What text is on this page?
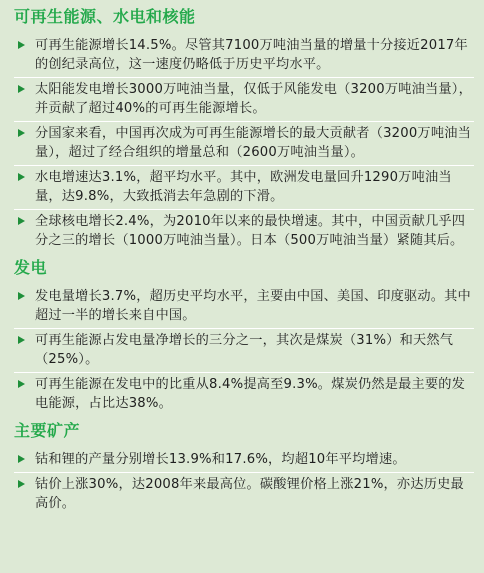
可再生能源、水电和核能
可再生能源增长14.5%。尽管其7100万吨油当量的增量十分接近2017年的创纪录高位，这一速度仍略低于历史平均水平。
太阳能发电增长3000万吨油当量，仅低于风能发电（3200万吨油当量），并贡献了超过40%的可再生能源增长。
分国家来看，中国再次成为可再生能源增长的最大贡献者（3200万吨油当量），超过了经合组织的增量总和（2600万吨油当量）。
水电增速达3.1%，超平均水平。其中，欧洲发电量回升1290万吨油当量，达9.8%，大致抵消去年急剧的下滑。
全球核电增长2.4%，为2010年以来的最快增速。其中，中国贡献几乎四分之三的增长（1000万吨油当量）。日本（500万吨油当量）紧随其后。
发电
发电量增长3.7%，超历史平均水平，主要由中国、美国、印度驱动。其中超过一半的增长来自中国。
可再生能源占发电量净增长的三分之一，其次是煤炭（31%）和天然气（25%）。
可再生能源在发电中的比重从8.4%提高至9.3%。煤炭仍然是最主要的发电能源，占比达38%。
主要矿产
钴和锂的产量分别增长13.9%和17.6%，均超10年平均增速。
钴价上涨30%，达2008年来最高位。碳酸锂价格上涨21%，亦达历史最高价。
